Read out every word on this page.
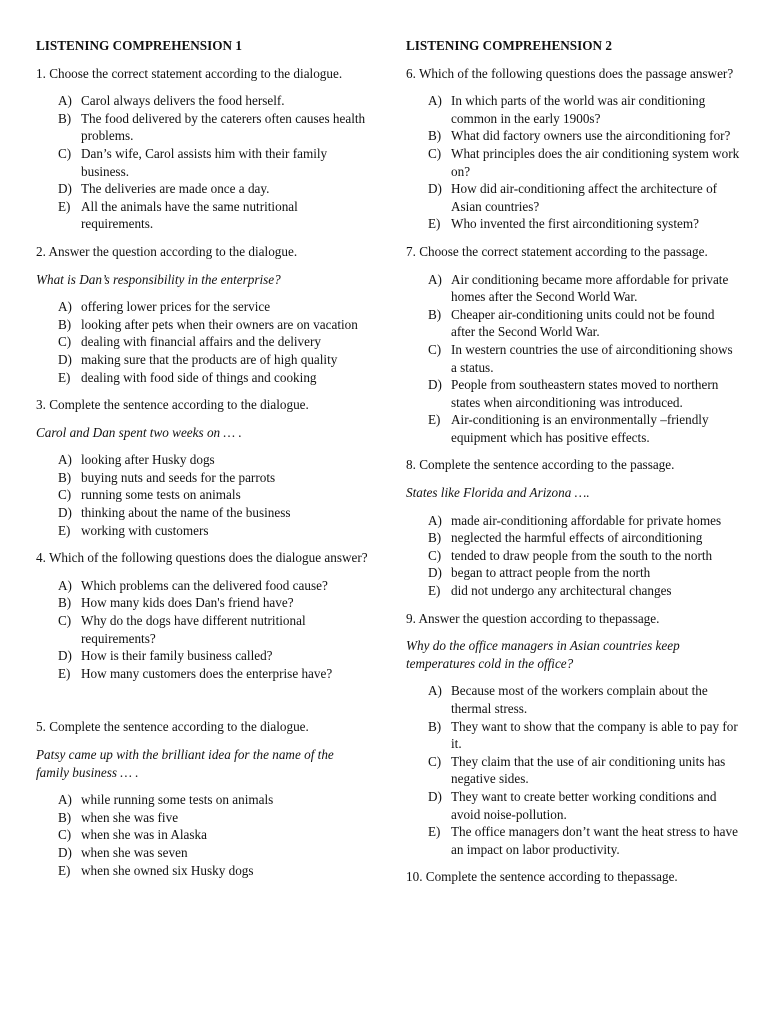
LISTENING COMPREHENSION 1

1. Choose the correct statement according to the dialogue.

A) Carol always delivers the food herself.
B) The food delivered by the caterers often causes health problems.
C) Dan’s wife, Carol assists him with their family business.
D) The deliveries are made once a day.
E) All the animals have the same nutritional requirements.

2. Answer the question according to the dialogue.

What is Dan’s responsibility in the enterprise?

A) offering lower prices for the service
B) looking after pets when their owners are on vacation
C) dealing with financial affairs and the delivery
D) making sure that the products are of high quality
E) dealing with food side of things and cooking

3. Complete the sentence according to the dialogue.

Carol and Dan spent two weeks on … .

A) looking after Husky dogs
B) buying nuts and seeds for the parrots
C) running some tests on animals
D) thinking about the name of the business
E) working with customers

4. Which of the following questions does the dialogue answer?

A) Which problems can the delivered food cause?
B) How many kids does Dan's friend have?
C) Why do the dogs have different nutritional requirements?
D) How is their family business called?
E) How many customers does the enterprise have?

5. Complete the sentence according to the dialogue.

Patsy came up with the brilliant idea for the name of the family business … .

A) while running some tests on animals
B) when she was five
C) when she was in Alaska
D) when she was seven
E) when she owned six Husky dogs
LISTENING COMPREHENSION 2

6. Which of the following questions does the passage answer?

A) In which parts of the world was air conditioning common in the early 1900s?
B) What did factory owners use the airconditioning for?
C) What principles does the air conditioning system work on?
D) How did air-conditioning affect the architecture of Asian countries?
E) Who invented the first airconditioning system?

7. Choose the correct statement according to the passage.

A) Air conditioning became more affordable for private homes after the Second World War.
B) Cheaper air-conditioning units could not be found after the Second World War.
C) In western countries the use of airconditioning shows a status.
D) People from southeastern states moved to northern states when airconditioning was introduced.
E) Air-conditioning is an environmentally –friendly equipment which has positive effects.

8. Complete the sentence according to the passage.

States like Florida and Arizona ….

A) made air-conditioning affordable for private homes
B) neglected the harmful effects of airconditioning
C) tended to draw people from the south to the north
D) began to attract people from the north
E) did not undergo any architectural changes

9. Answer the question according to thepassage.

Why do the office managers in Asian countries keep temperatures cold in the office?

A) Because most of the workers complain about the thermal stress.
B) They want to show that the company is able to pay for it.
C) They claim that the use of air conditioning units has negative sides.
D) They want to create better working conditions and avoid noise-pollution.
E) The office managers don’t want the heat stress to have an impact on labor productivity.

10. Complete the sentence according to thepassage.
